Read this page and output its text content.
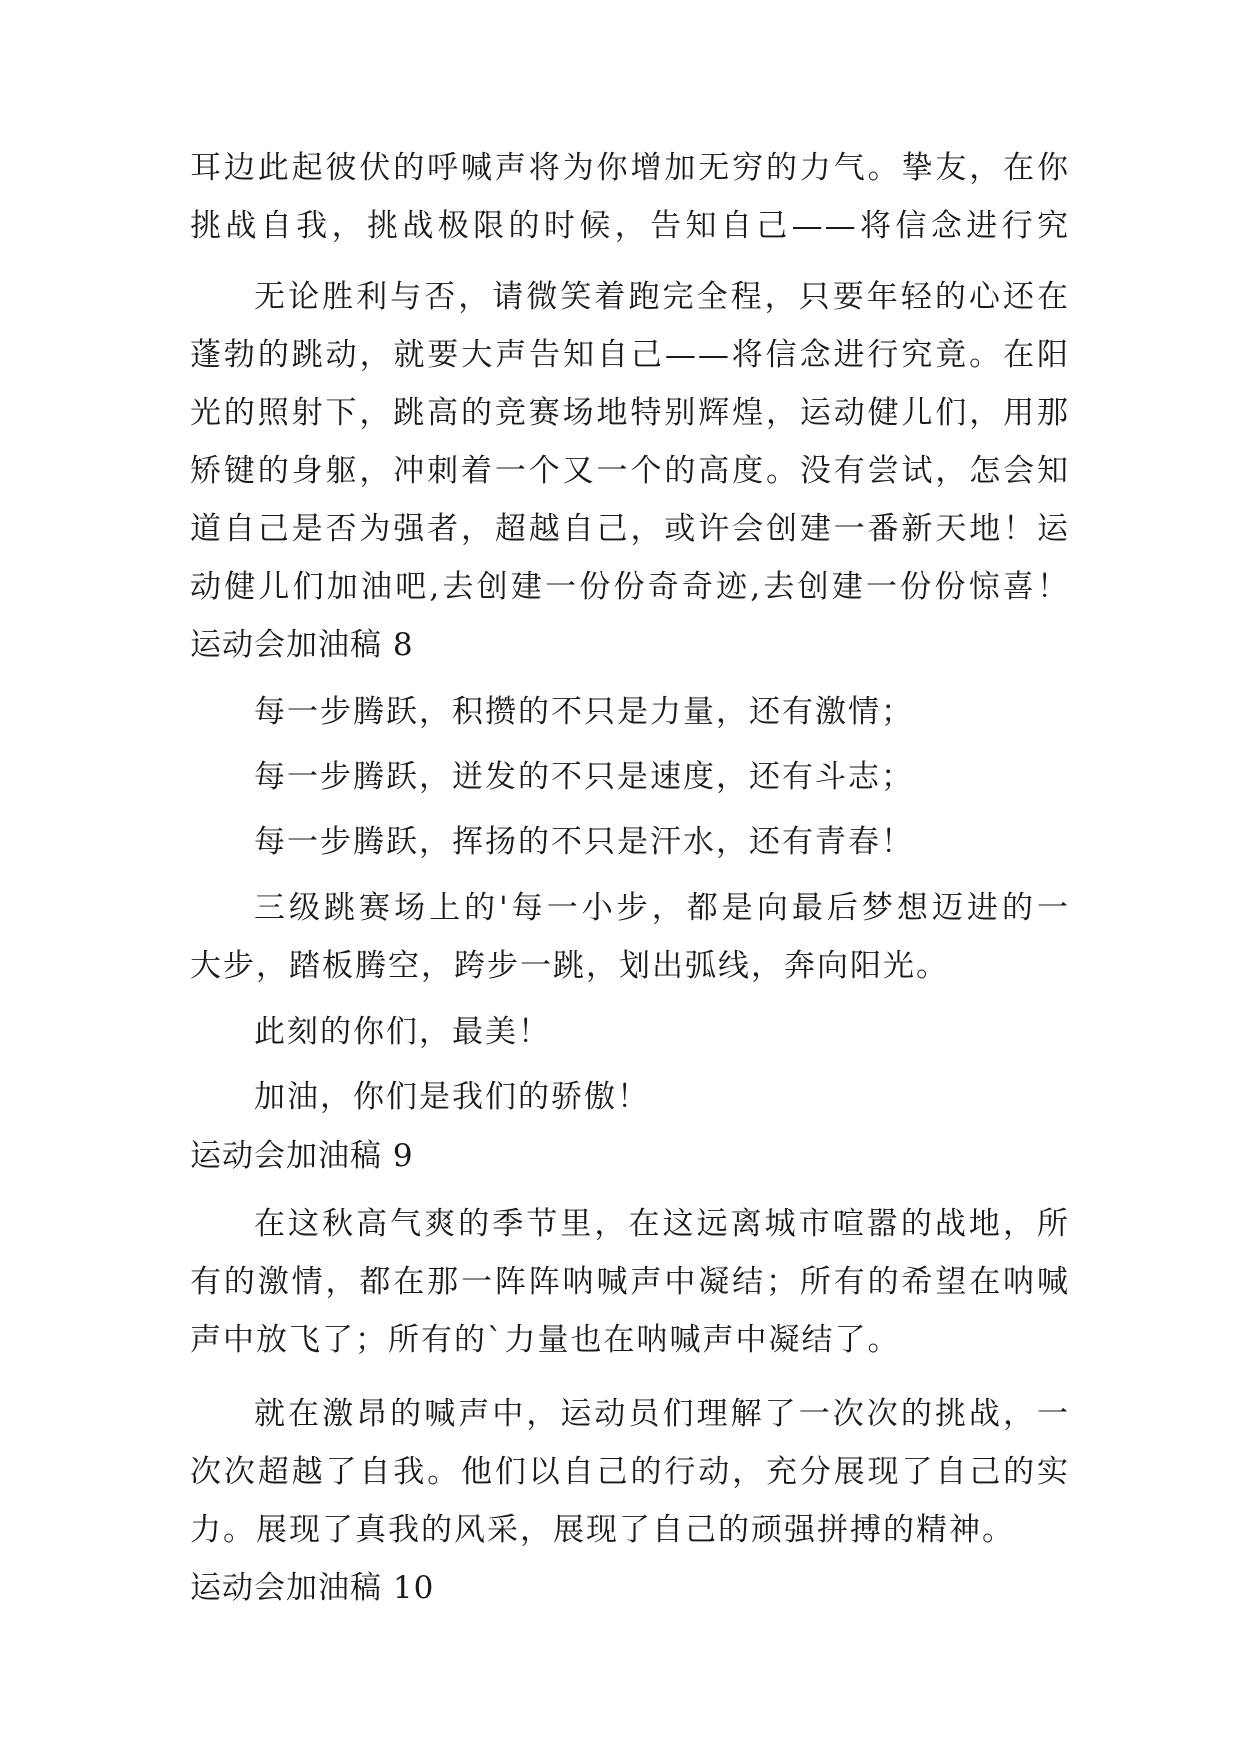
耳边此起彼伏的呼喊声将为你增加无穷的力气。挚友，在你
挑战自我，挑战极限的时候，告知自己——将信念进行究
无论胜利与否，请微笑着跑完全程，只要年轻的心还在
蓬勃的跳动，就要大声告知自己——将信念进行究竟。在阳
光的照射下，跳高的竞赛场地特别辉煌，运动健儿们，用那
矫键的身躯，冲刺着一个又一个的高度。没有尝试，怎会知
道自己是否为强者，超越自己，或许会创建一番新天地！运
动健儿们加油吧,去创建一份份奇奇迹,去创建一份份惊喜！
运动会加油稿 8
每一步腾跃，积攒的不只是力量，还有激情；
每一步腾跃，迸发的不只是速度，还有斗志；
每一步腾跃，挥扬的不只是汗水，还有青春！
三级跳赛场上的'每一小步，都是向最后梦想迈进的一
大步，踏板腾空，跨步一跳，划出弧线，奔向阳光。
此刻的你们，最美！
加油，你们是我们的骄傲！
运动会加油稿 9
在这秋高气爽的季节里，在这远离城市喧嚣的战地，所
有的激情，都在那一阵阵呐喊声中凝结；所有的希望在呐喊
声中放飞了；所有的`力量也在呐喊声中凝结了。
就在激昂的喊声中，运动员们理解了一次次的挑战，一
次次超越了自我。他们以自己的行动，充分展现了自己的实
力。展现了真我的风采，展现了自己的顽强拼搏的精神。
运动会加油稿 10
